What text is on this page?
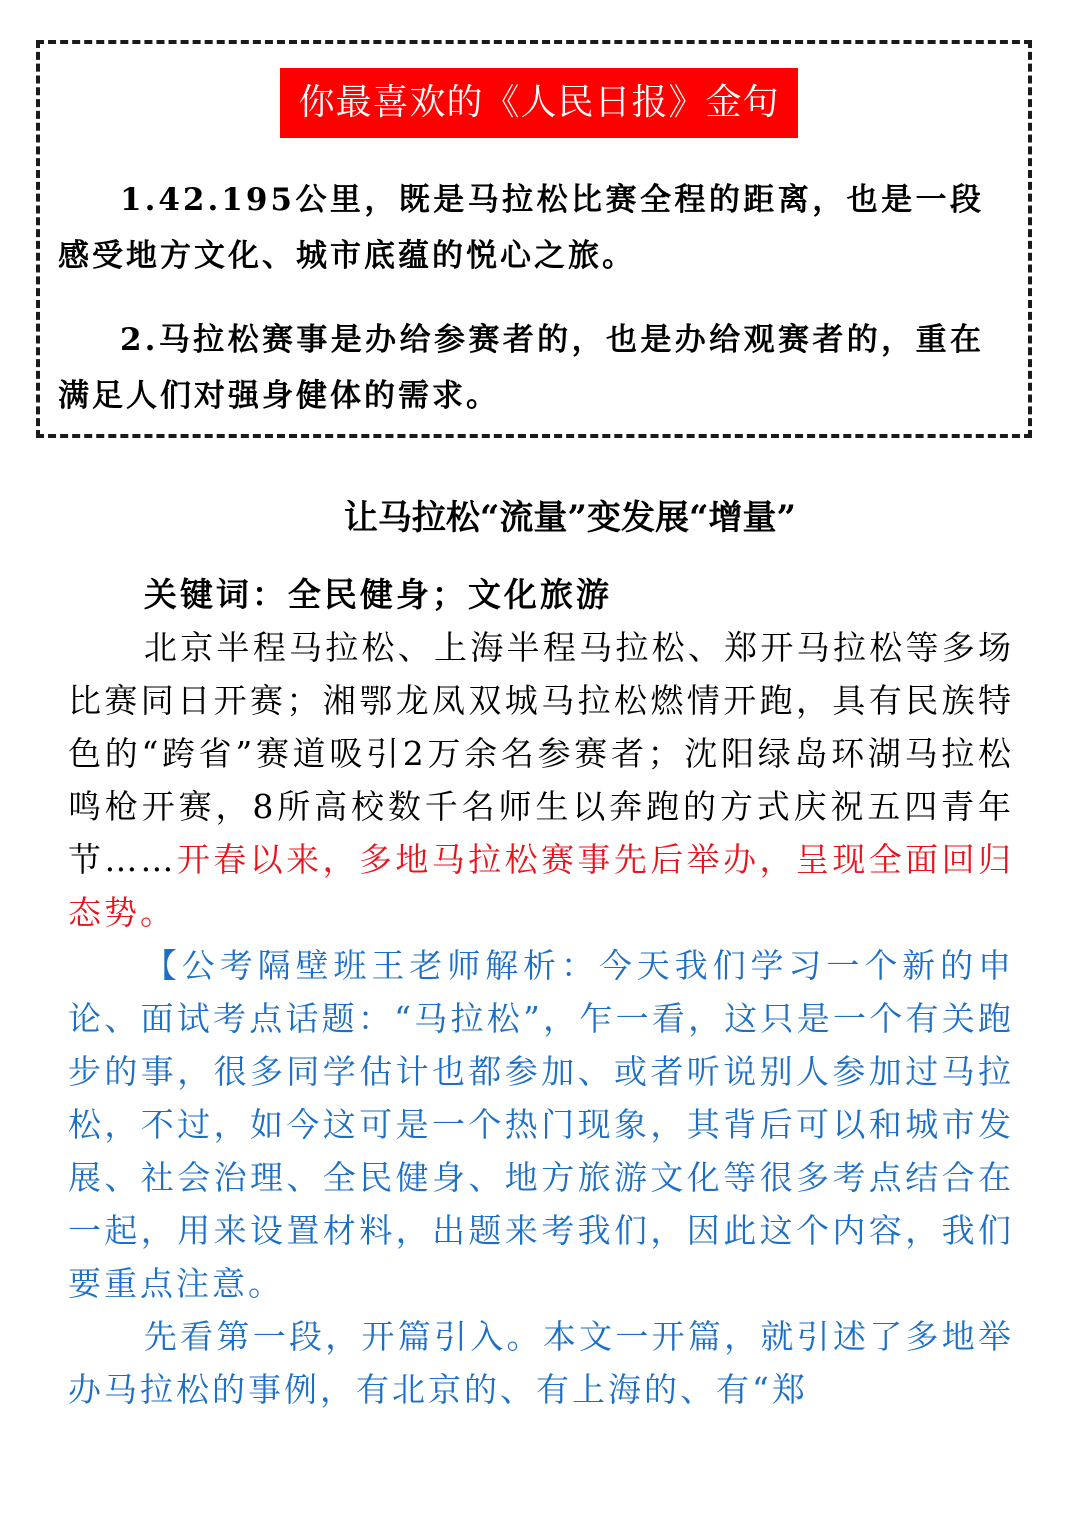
你最喜欢的《人民日报》金句
1.42.195公里，既是马拉松比赛全程的距离，也是一段感受地方文化、城市底蕴的悦心之旅。
2.马拉松赛事是办给参赛者的，也是办给观赛者的，重在满足人们对强身健体的需求。
让马拉松“流量”变发展“增量”

关键词：全民健身；文化旅游

北京半程马拉松、上海半程马拉松、郑开马拉松等多场比赛同日开赛；湘鄂龙凤双城马拉松燃情开跑，具有民族特色的“跨省”赛道吸引2万余名参赛者；沈阳绿岛环湖马拉松鸣枪开赛，8所高校数千名师生以奔跑的方式庆祝五四青年节……开春以来，多地马拉松赛事先后举办，呈现全面回归态势。

【公考隔壁班王老师解析：今天我们学习一个新的申论、面试考点话题：“马拉松”，乍一看，这只是一个有关跑步的事，很多同学估计也都参加、或者听说别人参加过马拉松，不过，如今这可是一个热门现象，其背后可以和城市发展、社会治理、全民健身、地方旅游文化等很多考点结合在一起，用来设置材料，出题来考我们，因此这个内容，我们要重点注意。

先看第一段，开篇引入。本文一开篇，就引述了多地举办马拉松的事例，有北京的、有上海的、有“郑
